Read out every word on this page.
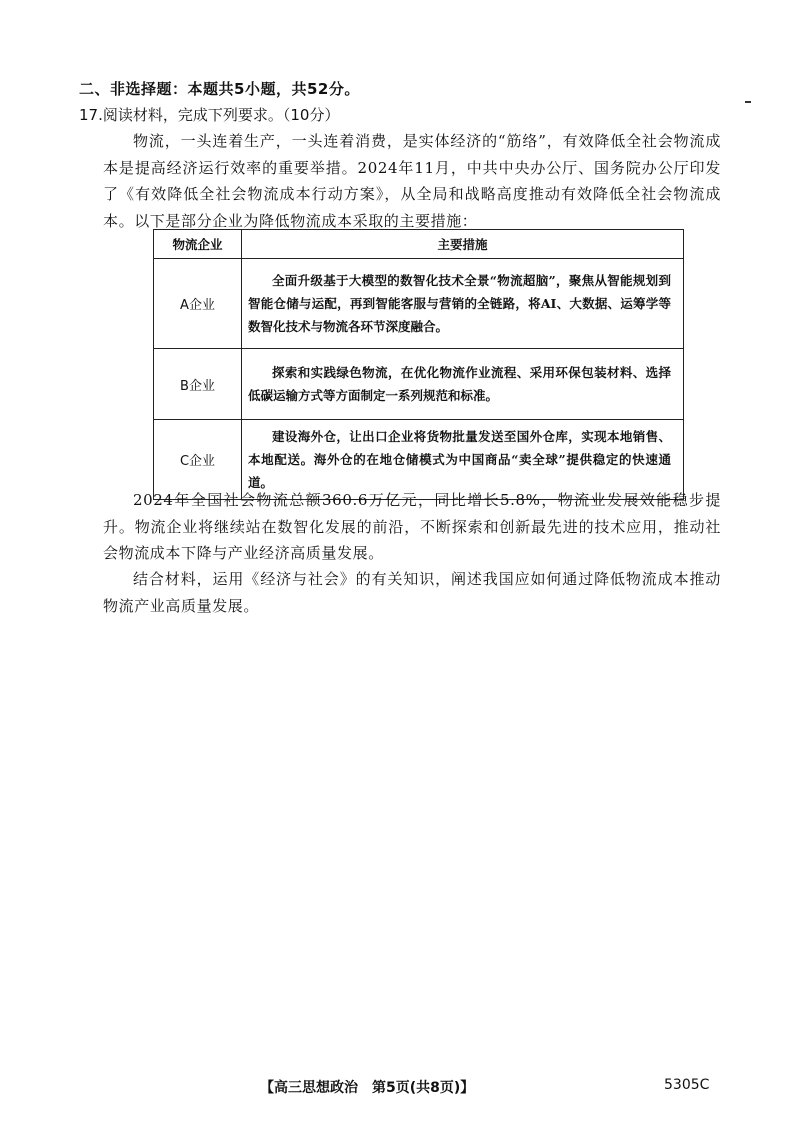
二、非选择题：本题共5小题，共52分。
17.阅读材料，完成下列要求。（10分）
物流，一头连着生产，一头连着消费，是实体经济的“筋络”，有效降低全社会物流成本是提高经济运行效率的重要举措。2024年11月，中共中央办公厅、国务院办公厅印发了《有效降低全社会物流成本行动方案》，从全局和战略高度推动有效降低全社会物流成本。以下是部分企业为降低物流成本采取的主要措施：
物流企业	主要措施
A企业	全面升级基于大模型的数智化技术全景“物流超脑”，聚焦从智能规划到智能仓储与运配，再到智能客服与营销的全链路，将AI、大数据、运筹学等数智化技术与物流各环节深度融合。
B企业	探索和实践绿色物流，在优化物流作业流程、采用环保包装材料、选择低碳运输方式等方面制定一系列规范和标准。
C企业	建设海外仓，让出口企业将货物批量发送至国外仓库，实现本地销售、本地配送。海外仓的在地仓储模式为中国商品“卖全球”提供稳定的快速通道。
2024年全国社会物流总额360.6万亿元，同比增长5.8%，物流业发展效能稳步提升。物流企业将继续站在数智化发展的前沿，不断探索和创新最先进的技术应用，推动社会物流成本下降与产业经济高质量发展。
结合材料，运用《经济与社会》的有关知识，阐述我国应如何通过降低物流成本推动物流产业高质量发展。
【高三思想政治　第5页(共8页)】	5305C
